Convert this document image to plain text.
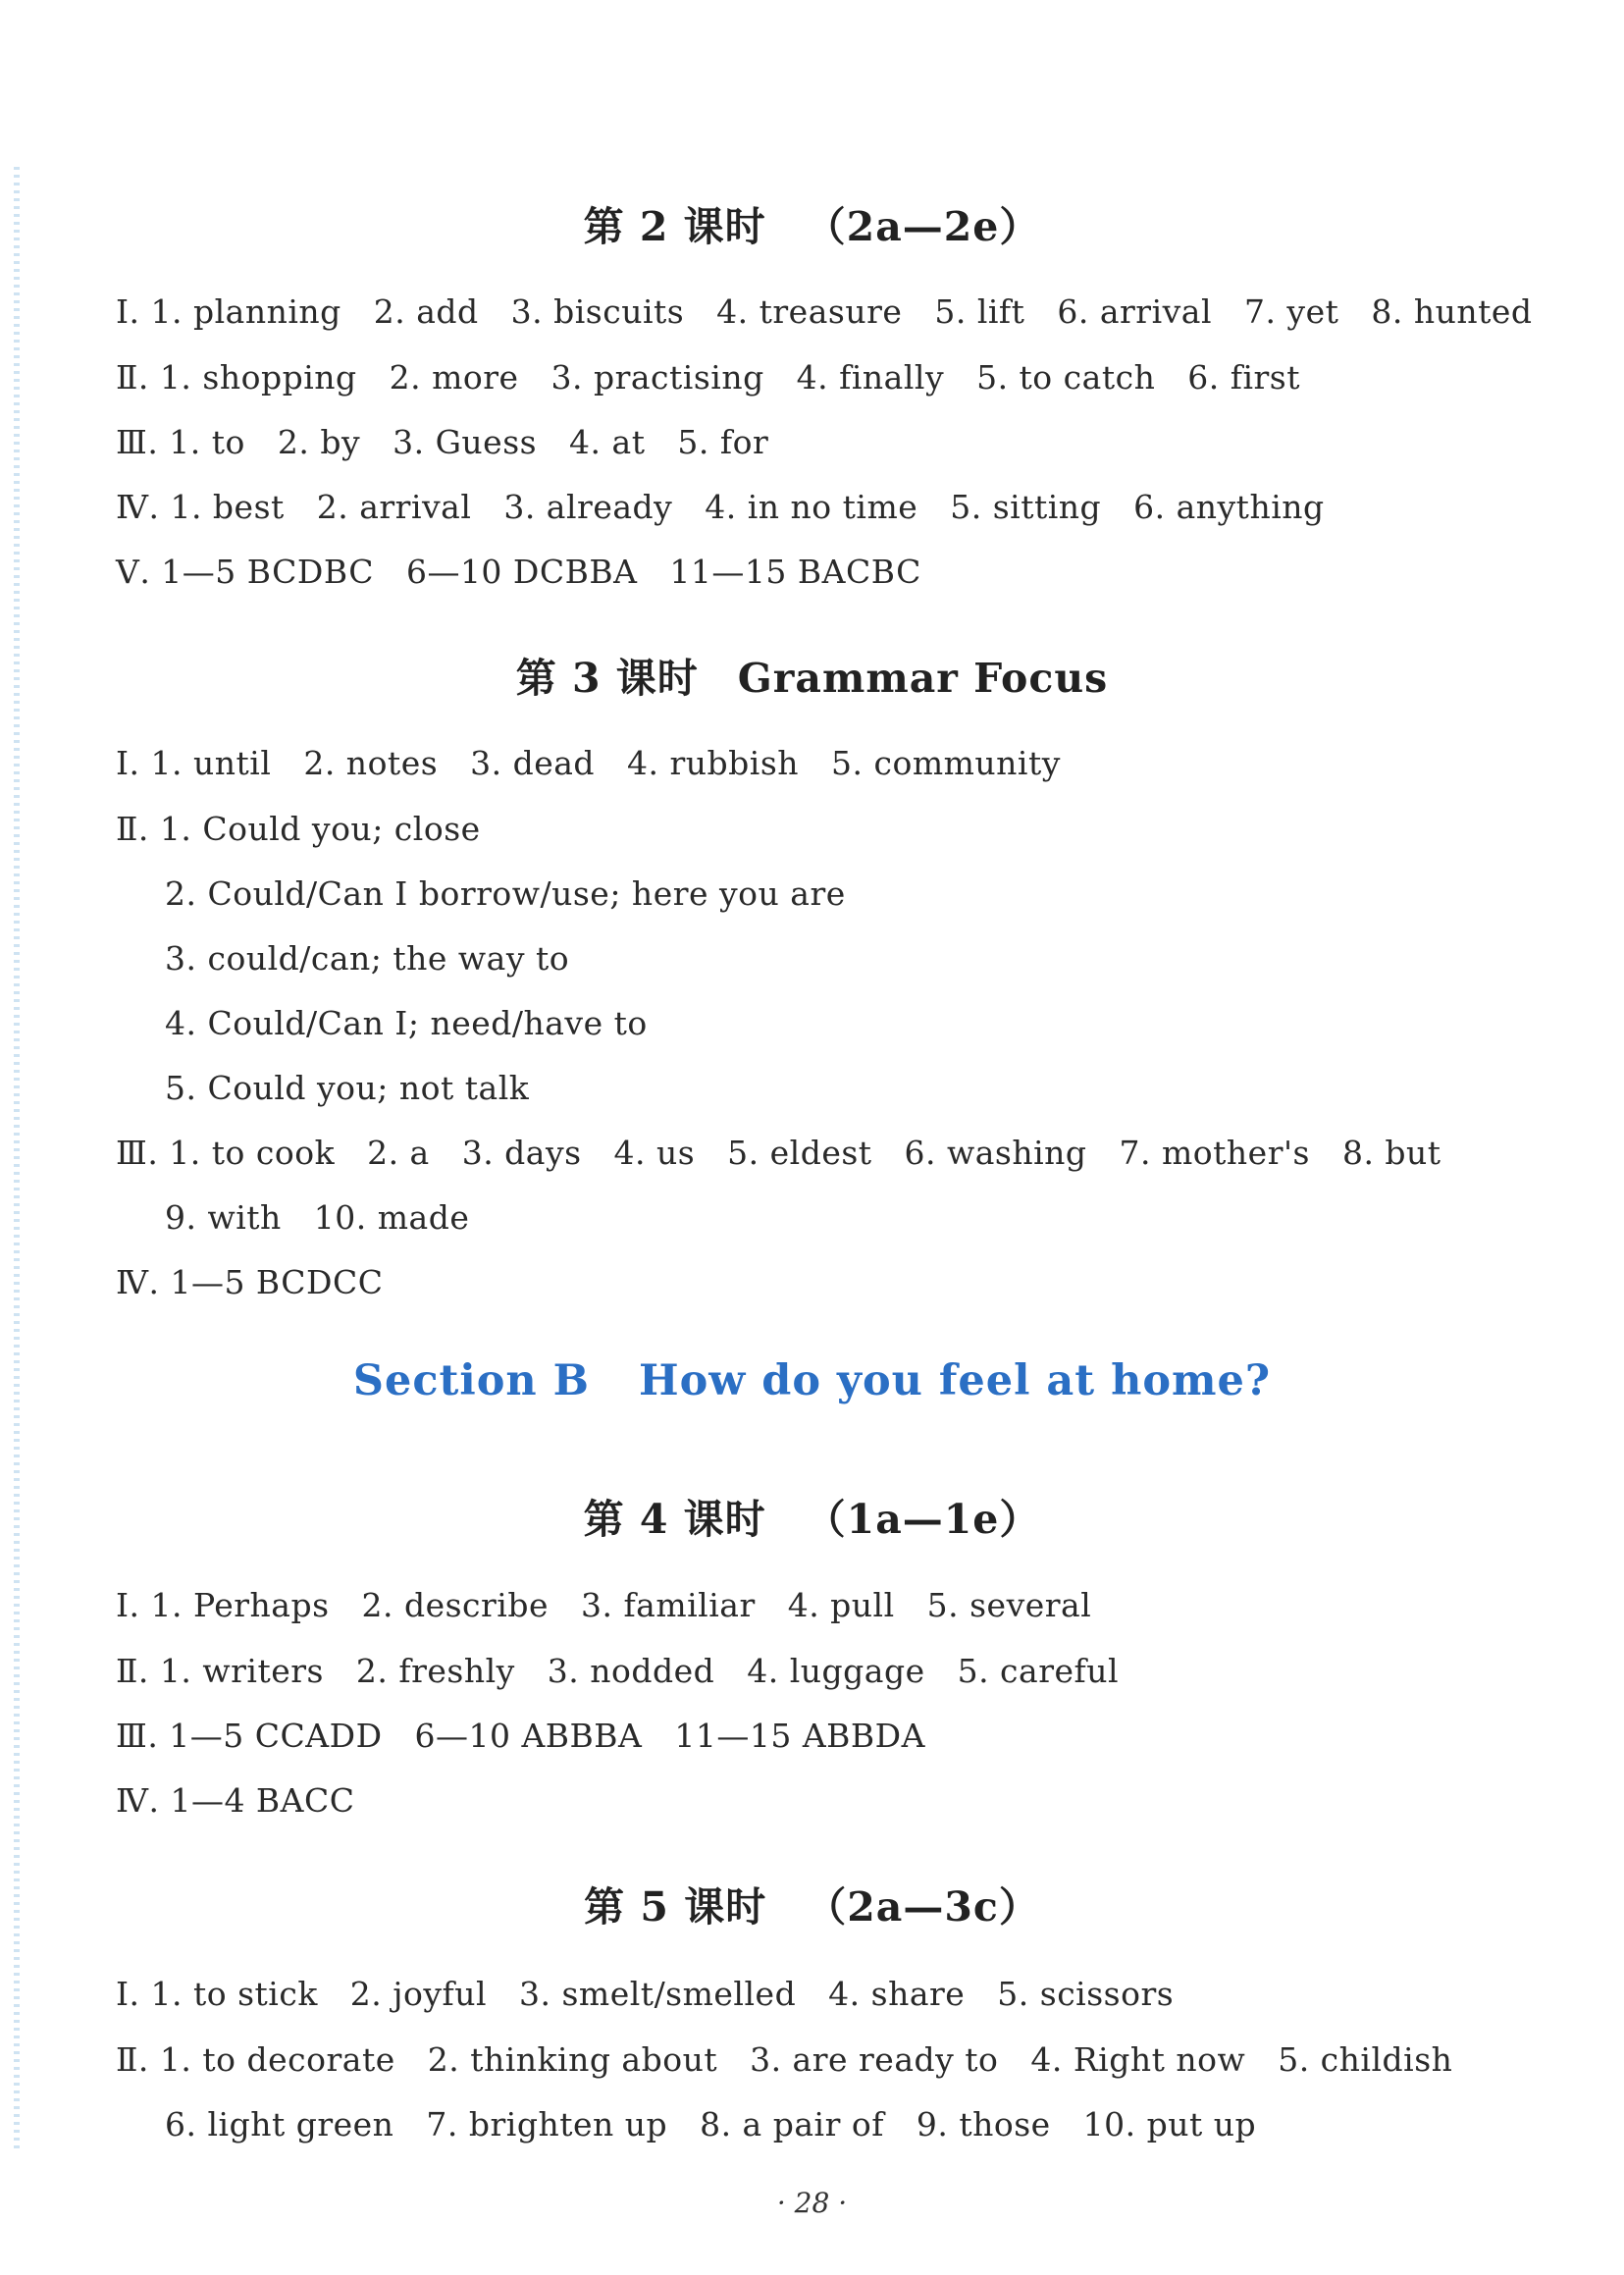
第 2 课时 （2a—2e）
Ⅰ. 1. planning   2. add   3. biscuits   4. treasure   5. lift   6. arrival   7. yet   8. hunted
Ⅱ. 1. shopping   2. more   3. practising   4. finally   5. to catch   6. first
Ⅲ. 1. to   2. by   3. Guess   4. at   5. for
Ⅳ. 1. best   2. arrival   3. already   4. in no time   5. sitting   6. anything
Ⅴ. 1—5 BCDBC   6—10 DCBBA   11—15 BACBC
第 3 课时 Grammar Focus
Ⅰ. 1. until   2. notes   3. dead   4. rubbish   5. community
Ⅱ. 1. Could you; close
2. Could/Can I borrow/use; here you are
3. could/can; the way to
4. Could/Can I; need/have to
5. Could you; not talk
Ⅲ. 1. to cook   2. a   3. days   4. us   5. eldest   6. washing   7. mother's   8. but
9. with   10. made
Ⅳ. 1—5 BCDCC
Section B How do you feel at home?
第 4 课时 （1a—1e）
Ⅰ. 1. Perhaps   2. describe   3. familiar   4. pull   5. several
Ⅱ. 1. writers   2. freshly   3. nodded   4. luggage   5. careful
Ⅲ. 1—5 CCADD   6—10 ABBBA   11—15 ABBDA
Ⅳ. 1—4 BACC
第 5 课时 （2a—3c）
Ⅰ. 1. to stick   2. joyful   3. smelt/smelled   4. share   5. scissors
Ⅱ. 1. to decorate   2. thinking about   3. are ready to   4. Right now   5. childish
6. light green   7. brighten up   8. a pair of   9. those   10. put up
· 28 ·
